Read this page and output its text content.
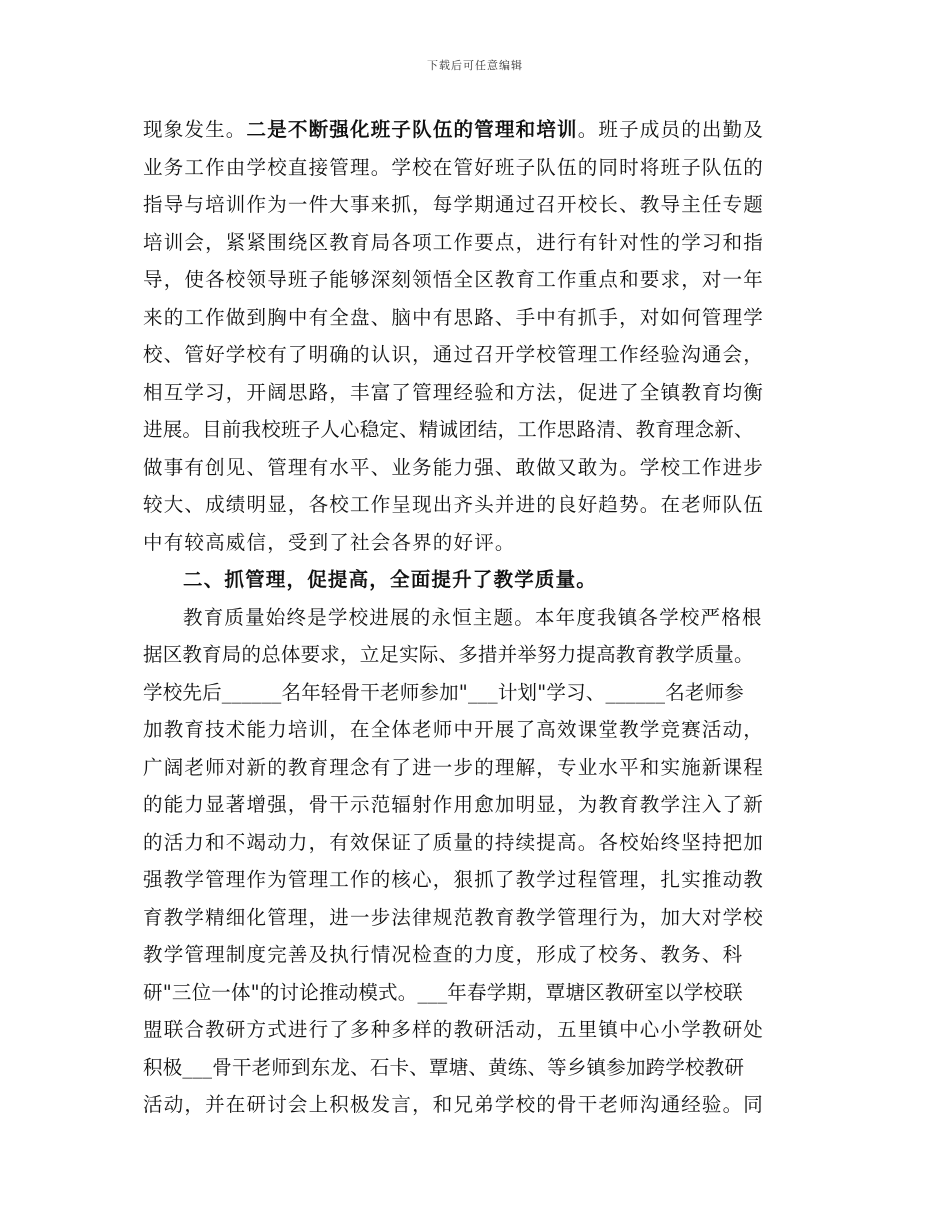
下载后可任意编辑
现象发生。二是不断强化班子队伍的管理和培训。班子成员的出勤及
业务工作由学校直接管理。学校在管好班子队伍的同时将班子队伍的
指导与培训作为一件大事来抓，每学期通过召开校长、教导主任专题
培训会，紧紧围绕区教育局各项工作要点，进行有针对性的学习和指
导，使各校领导班子能够深刻领悟全区教育工作重点和要求，对一年
来的工作做到胸中有全盘、脑中有思路、手中有抓手，对如何管理学
校、管好学校有了明确的认识，通过召开学校管理工作经验沟通会，
相互学习，开阔思路，丰富了管理经验和方法，促进了全镇教育均衡
进展。目前我校班子人心稳定、精诚团结，工作思路清、教育理念新、
做事有创见、管理有水平、业务能力强、敢做又敢为。学校工作进步
较大、成绩明显，各校工作呈现出齐头并进的良好趋势。在老师队伍
中有较高威信，受到了社会各界的好评。
二、抓管理，促提高，全面提升了教学质量。
教育质量始终是学校进展的永恒主题。本年度我镇各学校严格根
据区教育局的总体要求，立足实际、多措并举努力提高教育教学质量。
学校先后______名年轻骨干老师参加"___计划"学习、______名老师参
加教育技术能力培训，在全体老师中开展了高效课堂教学竞赛活动，
广阔老师对新的教育理念有了进一步的理解，专业水平和实施新课程
的能力显著增强，骨干示范辐射作用愈加明显，为教育教学注入了新
的活力和不竭动力，有效保证了质量的持续提高。各校始终坚持把加
强教学管理作为管理工作的核心，狠抓了教学过程管理，扎实推动教
育教学精细化管理，进一步法律规范教育教学管理行为，加大对学校
教学管理制度完善及执行情况检查的力度，形成了校务、教务、科
研"三位一体"的讨论推动模式。___年春学期，覃塘区教研室以学校联
盟联合教研方式进行了多种多样的教研活动，五里镇中心小学教研处
积极___骨干老师到东龙、石卡、覃塘、黄练、等乡镇参加跨学校教研
活动，并在研讨会上积极发言，和兄弟学校的骨干老师沟通经验。同
